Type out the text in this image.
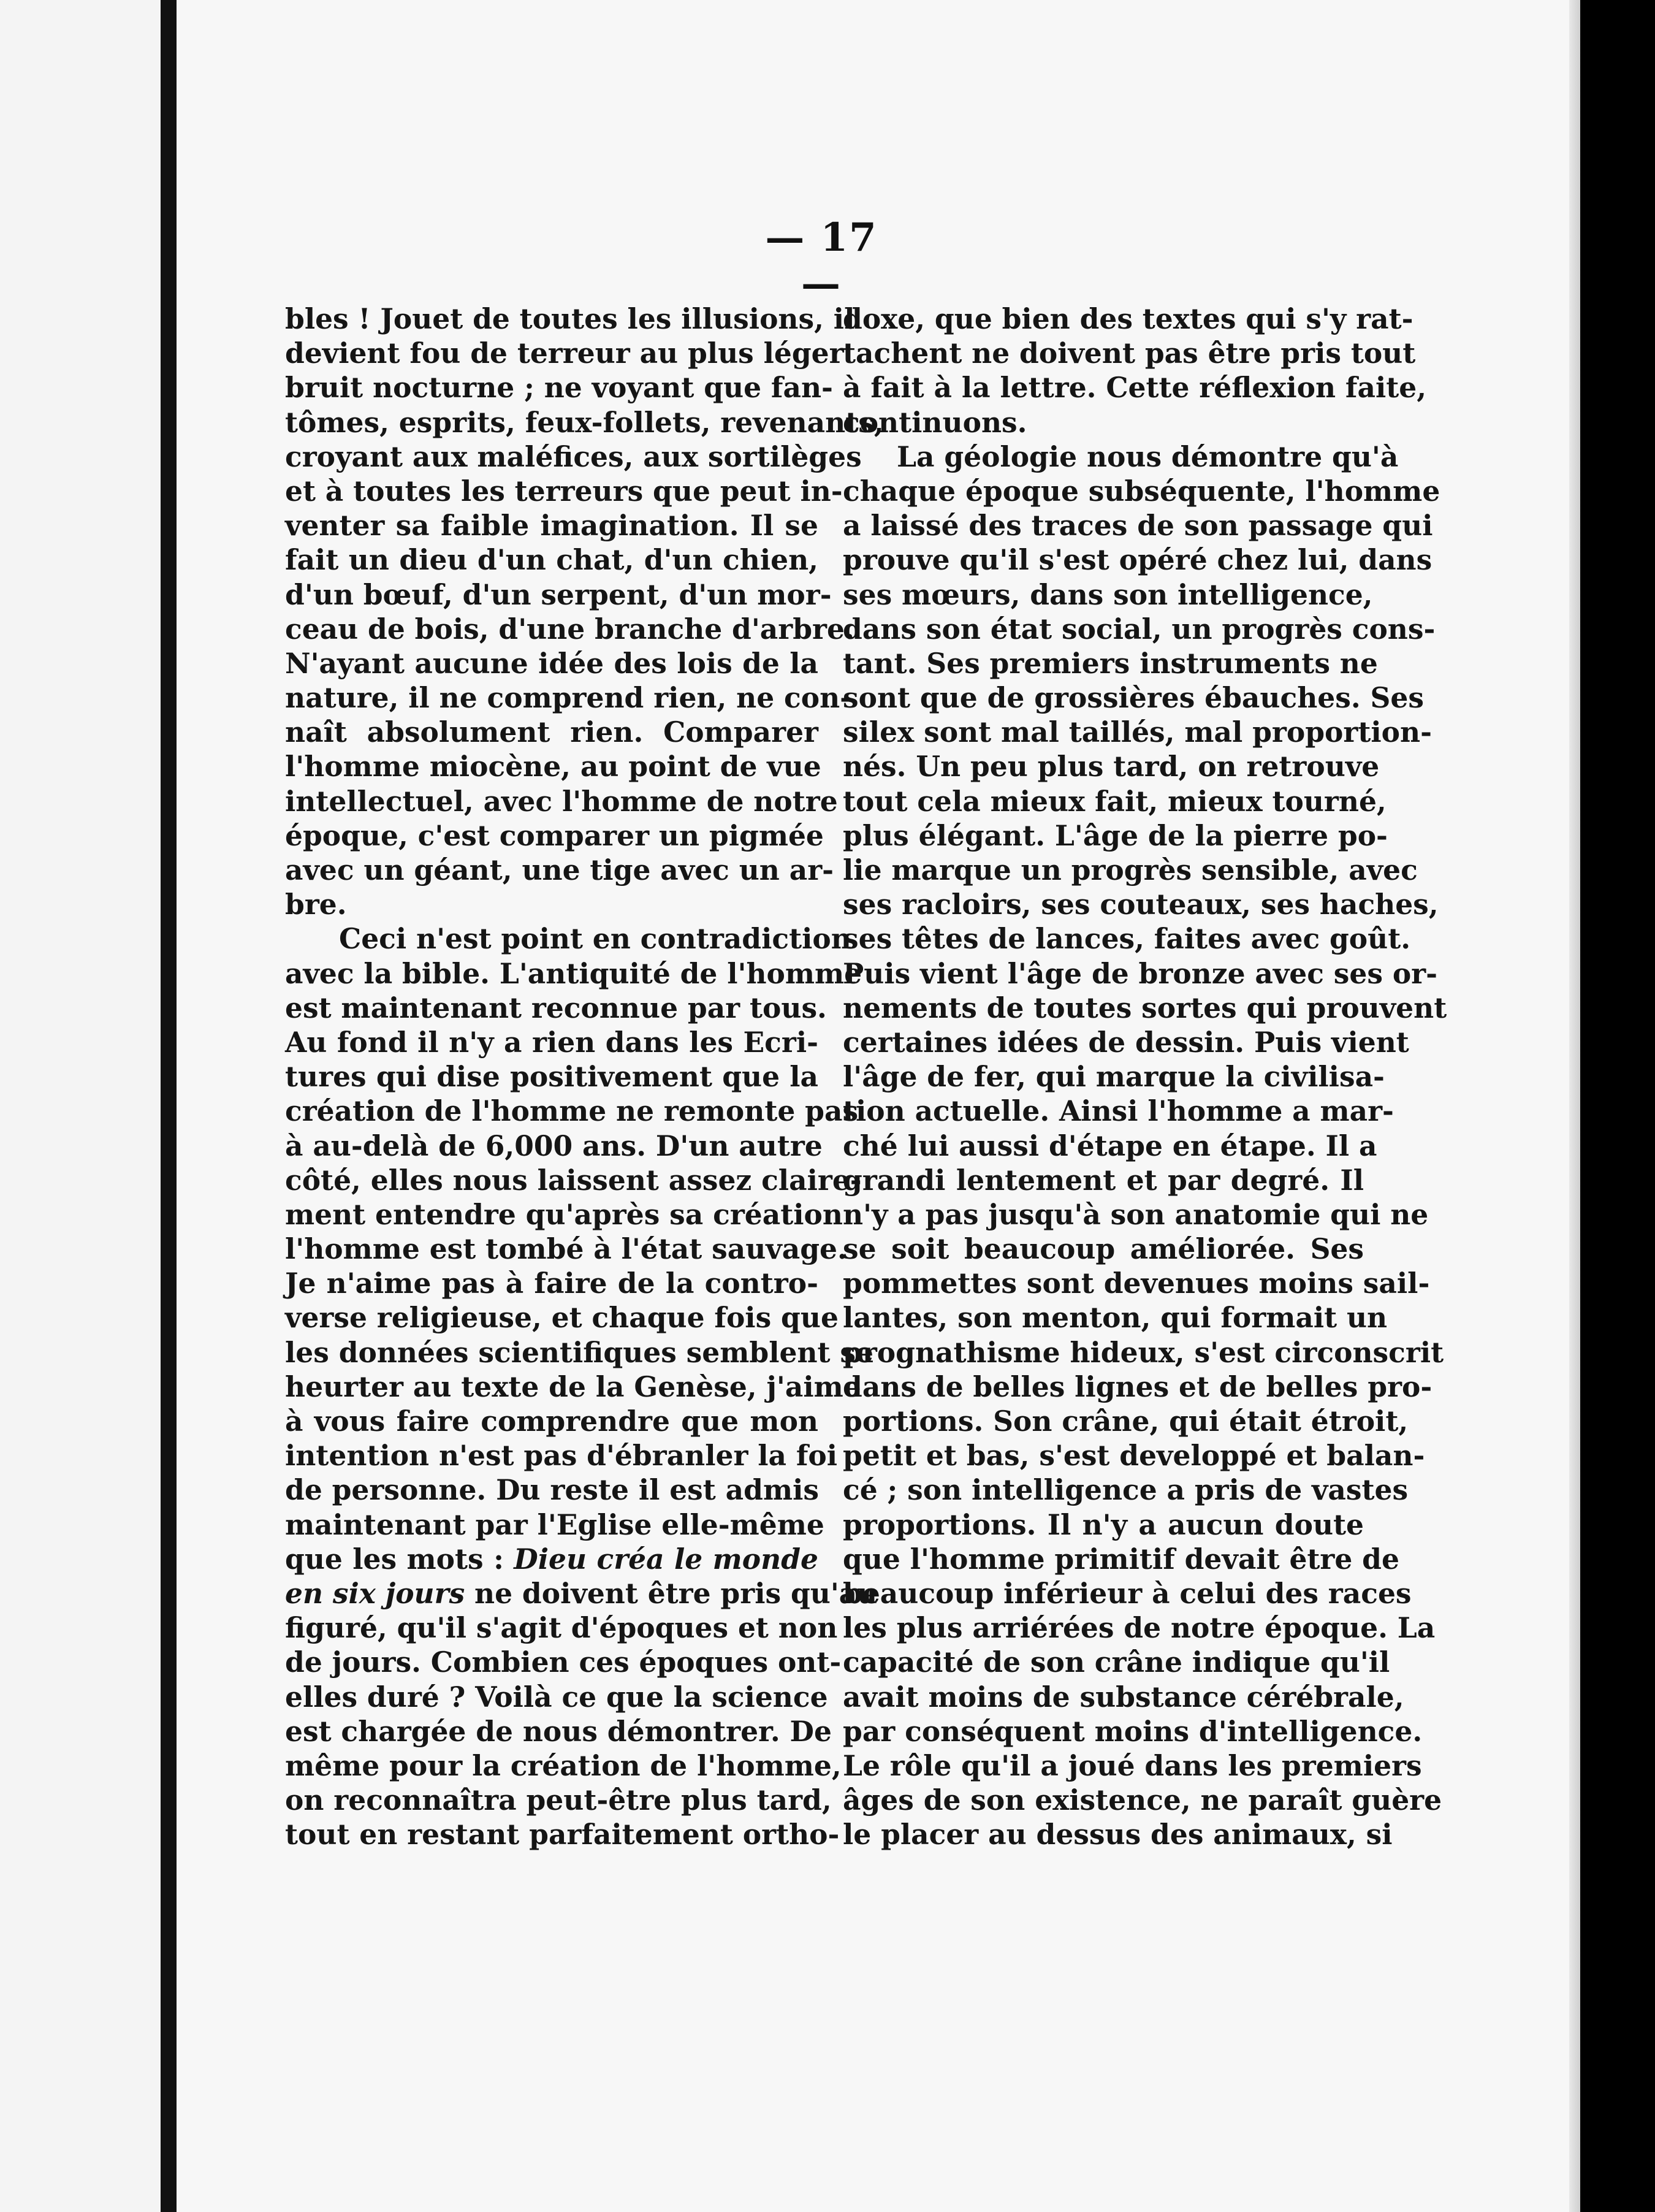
— 17 —
bles ! Jouet de toutes les illusions, il
devient fou de terreur au plus léger
bruit nocturne ; ne voyant que fan-
tômes, esprits, feux-follets, revenants,
croyant aux maléfices, aux sortilèges
et à toutes les terreurs que peut in-
venter sa faible imagination. Il se
fait un dieu d'un chat, d'un chien,
d'un bœuf, d'un serpent, d'un mor-
ceau de bois, d'une branche d'arbre.
N'ayant aucune idée des lois de la
nature, il ne comprend rien, ne con-
naît absolument rien. Comparer
l'homme miocène, au point de vue
intellectuel, avec l'homme de notre
époque, c'est comparer un pigmée
avec un géant, une tige avec un ar-
bre.
Ceci n'est point en contradiction
avec la bible. L'antiquité de l'homme
est maintenant reconnue par tous.
Au fond il n'y a rien dans les Ecri-
tures qui dise positivement que la
création de l'homme ne remonte pas
à au-delà de 6,000 ans. D'un autre
côté, elles nous laissent assez claire-
ment entendre qu'après sa création
l'homme est tombé à l'état sauvage.
Je n'aime pas à faire de la contro-
verse religieuse, et chaque fois que
les données scientifiques semblent se
heurter au texte de la Genèse, j'aime
à vous faire comprendre que mon
intention n'est pas d'ébranler la foi
de personne. Du reste il est admis
maintenant par l'Eglise elle-même
que les mots : Dieu créa le monde
en six jours ne doivent être pris qu'au
figuré, qu'il s'agit d'époques et non
de jours. Combien ces époques ont-
elles duré ? Voilà ce que la science
est chargée de nous démontrer. De
même pour la création de l'homme,
on reconnaîtra peut-être plus tard,
tout en restant parfaitement ortho-
doxe, que bien des textes qui s'y rat-
tachent ne doivent pas être pris tout
à fait à la lettre. Cette réflexion faite,
continuons.
La géologie nous démontre qu'à
chaque époque subséquente, l'homme
a laissé des traces de son passage qui
prouve qu'il s'est opéré chez lui, dans
ses mœurs, dans son intelligence,
dans son état social, un progrès cons-
tant. Ses premiers instruments ne
sont que de grossières ébauches. Ses
silex sont mal taillés, mal proportion-
nés. Un peu plus tard, on retrouve
tout cela mieux fait, mieux tourné,
plus élégant. L'âge de la pierre po-
lie marque un progrès sensible, avec
ses racloirs, ses couteaux, ses haches,
ses têtes de lances, faites avec goût.
Puis vient l'âge de bronze avec ses or-
nements de toutes sortes qui prouvent
certaines idées de dessin. Puis vient
l'âge de fer, qui marque la civilisa-
tion actuelle. Ainsi l'homme a mar-
ché lui aussi d'étape en étape. Il a
grandi lentement et par degré. Il
n'y a pas jusqu'à son anatomie qui ne
se soit beaucoup améliorée. Ses
pommettes sont devenues moins sail-
lantes, son menton, qui formait un
prognathisme hideux, s'est circonscrit
dans de belles lignes et de belles pro-
portions. Son crâne, qui était étroit,
petit et bas, s'est developpé et balan-
cé ; son intelligence a pris de vastes
proportions. Il n'y a aucun doute
que l'homme primitif devait être de
beaucoup inférieur à celui des races
les plus arriérées de notre époque. La
capacité de son crâne indique qu'il
avait moins de substance cérébrale,
par conséquent moins d'intelligence.
Le rôle qu'il a joué dans les premiers
âges de son existence, ne paraît guère
le placer au dessus des animaux, si
